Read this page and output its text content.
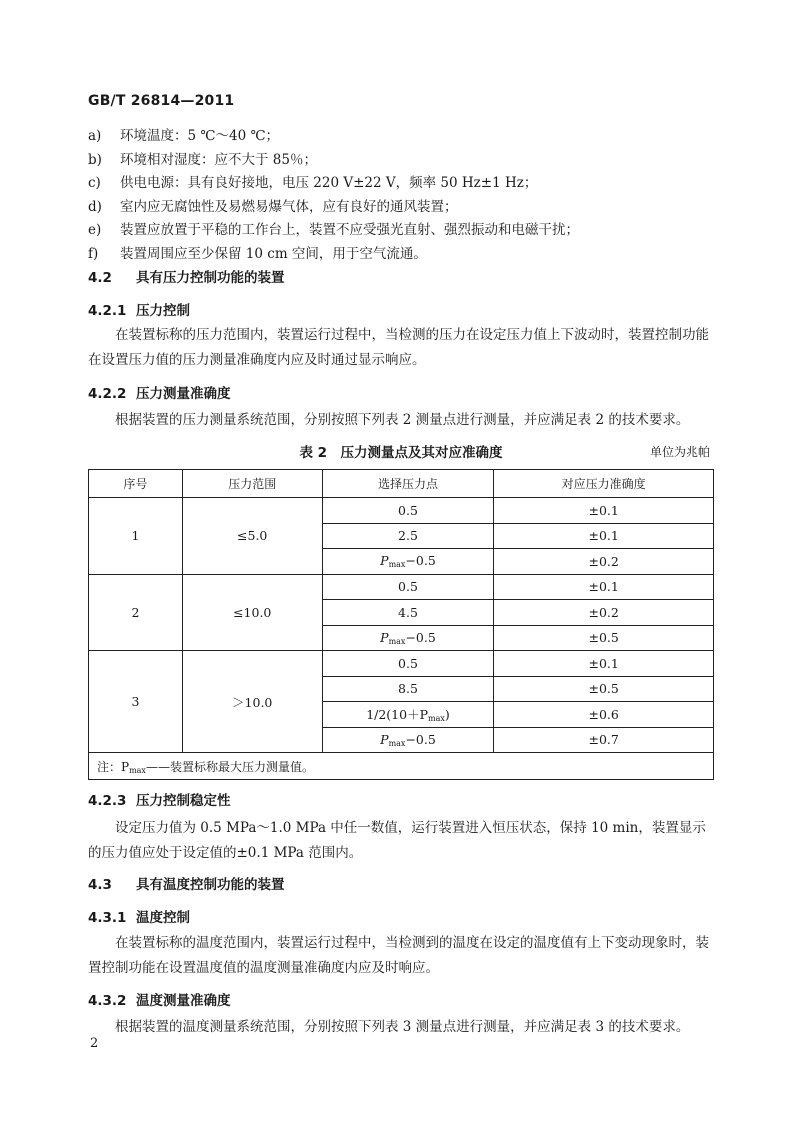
GB/T 26814—2011
a) 环境温度：5 ℃～40 ℃；
b) 环境相对湿度：应不大于 85％；
c) 供电电源：具有良好接地，电压 220 V±22 V，频率 50 Hz±1 Hz；
d) 室内应无腐蚀性及易燃易爆气体，应有良好的通风装置；
e) 装置应放置于平稳的工作台上，装置不应受强光直射、强烈振动和电磁干扰；
f) 装置周围应至少保留 10 cm 空间，用于空气流通。
4.2 具有压力控制功能的装置
4.2.1 压力控制
在装置标称的压力范围内，装置运行过程中，当检测的压力在设定压力值上下波动时，装置控制功能在设置压力值的压力测量准确度内应及时通过显示响应。
4.2.2 压力测量准确度
根据装置的压力测量系统范围，分别按照下列表 2 测量点进行测量，并应满足表 2 的技术要求。
表 2　压力测量点及其对应准确度	单位为兆帕
序号	压力范围	选择压力点	对应压力准确度
1	≤5.0	0.5	±0.1
		2.5	±0.1
		$P_{max}-0.5$	±0.2
2	≤10.0	0.5	±0.1
		4.5	±0.2
		$P_{max}-0.5$	±0.5
3	＞10.0	0.5	±0.1
		8.5	±0.5
		$1/2(10+P_{max})$	±0.6
		$P_{max}-0.5$	±0.7
注：$P_{max}——$装置标称最大压力测量值。			
4.2.3 压力控制稳定性
设定压力值为 0.5 MPa～1.0 MPa 中任一数值，运行装置进入恒压状态，保持 10 min，装置显示的压力值应处于设定值的±0.1 MPa 范围内。
4.3 具有温度控制功能的装置
4.3.1 温度控制
在装置标称的温度范围内，装置运行过程中，当检测到的温度在设定的温度值有上下变动现象时，装置控制功能在设置温度值的温度测量准确度内应及时响应。
4.3.2 温度测量准确度
根据装置的温度测量系统范围，分别按照下列表 3 测量点进行测量，并应满足表 3 的技术要求。
2
